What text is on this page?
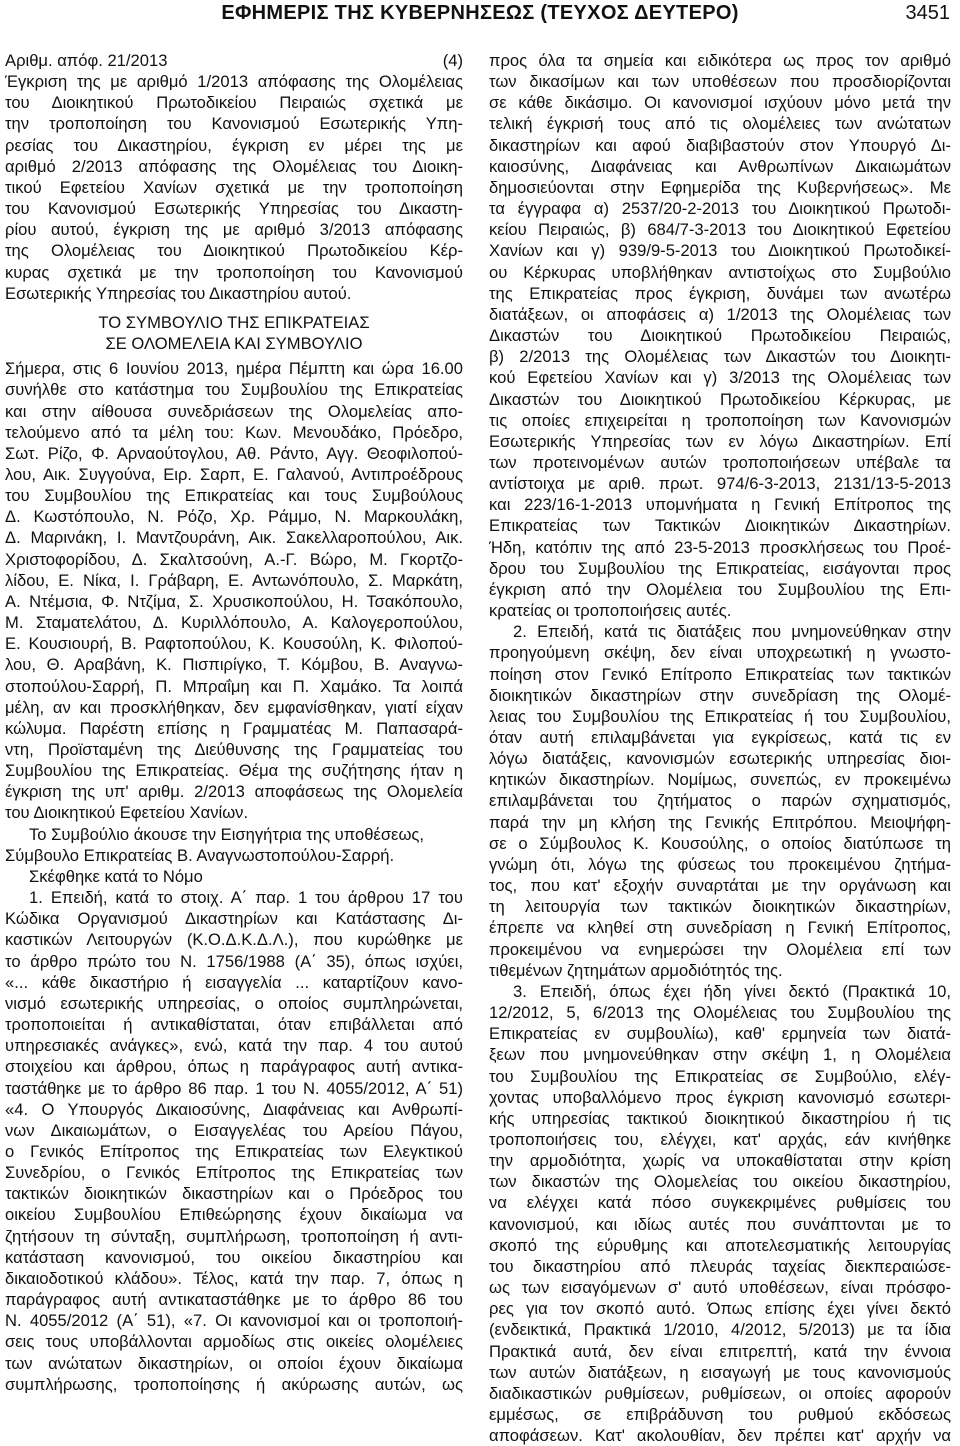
ΕΦΗΜΕΡΙΣ ΤΗΣ ΚΥΒΕΡΝΗΣΕΩΣ (ΤΕΥΧΟΣ ΔΕΥΤΕΡΟ)	3451
Αριθμ. απόφ. 21/2013	(4)
Έγκριση της με αριθμό 1/2013 απόφασης της Ολομέλειας
του Διοικητικού Πρωτοδικείου Πειραιώς σχετικά με
την τροποποίηση του Κανονισμού Εσωτερικής Υπη-
ρεσίας του Δικαστηρίου, έγκριση εν μέρει της με
αριθμό 2/2013 απόφασης της Ολομέλειας του Διοικη-
τικού Εφετείου Χανίων σχετικά με την τροποποίηση
του Κανονισμού Εσωτερικής Υπηρεσίας του Δικαστη-
ρίου αυτού, έγκριση της με αριθμό 3/2013 απόφασης
της Ολομέλειας του Διοικητικού Πρωτοδικείου Κέρ-
κυρας σχετικά με την τροποποίηση του Κανονισμού
Εσωτερικής Υπηρεσίας του Δικαστηρίου αυτού.
ΤΟ ΣΥΜΒΟΥΛΙΟ ΤΗΣ ΕΠΙΚΡΑΤΕΙΑΣ
ΣΕ ΟΛΟΜΕΛΕΙΑ ΚΑΙ ΣΥΜΒΟΥΛΙΟ
Σήμερα, στις 6 Ιουνίου 2013, ημέρα Πέμπτη και ώρα 16.00
συνήλθε στο κατάστημα του Συμβουλίου της Επικρατείας
και στην αίθουσα συνεδριάσεων της Ολομελείας απο-
τελούμενο από τα μέλη του: Κων. Μενουδάκο, Πρόεδρο,
Σωτ. Ρίζο, Φ. Αρναούτογλου, Αθ. Ράντο, Αγγ. Θεοφιλοπού-
λου, Αικ. Συγγούνα, Ειρ. Σαρπ, Ε. Γαλανού, Αντιπροέδρους
του Συμβουλίου της Επικρατείας και τους Συμβούλους
Δ. Κωστόπουλο, Ν. Ρόζο, Χρ. Ράμμο, Ν. Μαρκουλάκη,
Δ. Μαρινάκη, Ι. Μαντζουράνη, Αικ. Σακελλαροπούλου, Αικ.
Χριστοφορίδου, Δ. Σκαλτσούνη, Α.-Γ. Βώρο, Μ. Γκορτζο-
λίδου, Ε. Νίκα, Ι. Γράβαρη, Ε. Αντωνόπουλο, Σ. Μαρκάτη,
Α. Ντέμσια, Φ. Ντζίμα, Σ. Χρυσικοπούλου, Η. Τσακόπουλο,
Μ. Σταματελάτου, Δ. Κυριλλόπουλο, Α. Καλογεροπούλου,
Ε. Κουσιουρή, Β. Ραφτοπούλου, Κ. Κουσούλη, Κ. Φιλοπού-
λου, Θ. Αραβάνη, Κ. Πισπιρίγκο, Τ. Κόμβου, Β. Αναγνω-
στοπούλου-Σαρρή, Π. Μπραΐμη και Π. Χαμάκο. Τα λοιπά
μέλη, αν και προσκλήθηκαν, δεν εμφανίσθηκαν, γιατί είχαν
κώλυμα. Παρέστη επίσης η Γραμματέας Μ. Παπασαρά-
ντη, Προϊσταμένη της Διεύθυνσης της Γραμματείας του
Συμβουλίου της Επικρατείας. Θέμα της συζήτησης ήταν η
έγκριση της υπ' αριθμ. 2/2013 αποφάσεως της Ολομελεία
του Διοικητικού Εφετείου Χανίων.
Το Συμβούλιο άκουσε την Εισηγήτρια της υποθέσεως,
Σύμβουλο Επικρατείας Β. Αναγνωστοπούλου-Σαρρή.
Σκέφθηκε κατά το Νόμο
1. Επειδή, κατά το στοιχ. Α΄ παρ. 1 του άρθρου 17 του
Κώδικα Οργανισμού Δικαστηρίων και Κατάστασης Δι-
καστικών Λειτουργών (Κ.Ο.Δ.Κ.Δ.Λ.), που κυρώθηκε με
το άρθρο πρώτο του Ν. 1756/1988 (Α΄ 35), όπως ισχύει,
«... κάθε δικαστήριο ή εισαγγελία ... καταρτίζουν κανο-
νισμό εσωτερικής υπηρεσίας, ο οποίος συμπληρώνεται,
τροποποιείται ή αντικαθίσταται, όταν επιβάλλεται από
υπηρεσιακές ανάγκες», ενώ, κατά την παρ. 4 του αυτού
στοιχείου και άρθρου, όπως η παράγραφος αυτή αντικα-
ταστάθηκε με το άρθρο 86 παρ. 1 του Ν. 4055/2012, Α΄ 51)
«4. Ο Υπουργός Δικαιοσύνης, Διαφάνειας και Ανθρωπί-
νων Δικαιωμάτων, ο Εισαγγελέας του Αρείου Πάγου,
ο Γενικός Επίτροπος της Επικρατείας των Ελεγκτικού
Συνεδρίου, ο Γενικός Επίτροπος της Επικρατείας των
τακτικών διοικητικών δικαστηρίων και ο Πρόεδρος του
οικείου Συμβουλίου Επιθεώρησης έχουν δικαίωμα να
ζητήσουν τη σύνταξη, συμπλήρωση, τροποποίηση ή αντι-
κατάσταση κανονισμού, του οικείου δικαστηρίου και
δικαιοδοτικού κλάδου». Τέλος, κατά την παρ. 7, όπως η
παράγραφος αυτή αντικαταστάθηκε με το άρθρο 86 του
Ν. 4055/2012 (Α΄ 51), «7. Οι κανονισμοί και οι τροποποιή-
σεις τους υποβάλλονται αρμοδίως στις οικείες ολομέλειες
των ανώτατων δικαστηρίων, οι οποίοι έχουν δικαίωμα
συμπλήρωσης, τροποποίησης ή ακύρωσης αυτών, ως
προς όλα τα σημεία και ειδικότερα ως προς τον αριθμό
των δικασίμων και των υποθέσεων που προσδιορίζονται
σε κάθε δικάσιμο. Οι κανονισμοί ισχύουν μόνο μετά την
τελική έγκρισή τους από τις ολομέλειες των ανώτατων
δικαστηρίων και αφού διαβιβαστούν στον Υπουργό Δι-
καιοσύνης, Διαφάνειας και Ανθρωπίνων Δικαιωμάτων
δημοσιεύονται στην Εφημερίδα της Κυβερνήσεως». Με
τα έγγραφα α) 2537/20-2-2013 του Διοικητικού Πρωτοδι-
κείου Πειραιώς, β) 684/7-3-2013 του Διοικητικού Εφετείου
Χανίων και γ) 939/9-5-2013 του Διοικητικού Πρωτοδικεί-
ου Κέρκυρας υποβλήθηκαν αντιστοίχως στο Συμβούλιο
της Επικρατείας προς έγκριση, δυνάμει των ανωτέρω
διατάξεων, οι αποφάσεις α) 1/2013 της Ολομέλειας των
Δικαστών του Διοικητικού Πρωτοδικείου Πειραιώς,
β) 2/2013 της Ολομέλειας των Δικαστών του Διοικητι-
κού Εφετείου Χανίων και γ) 3/2013 της Ολομέλειας των
Δικαστών του Διοικητικού Πρωτοδικείου Κέρκυρας, με
τις οποίες επιχειρείται η τροποποίηση των Κανονισμών
Εσωτερικής Υπηρεσίας των εν λόγω Δικαστηρίων. Επί
των προτεινομένων αυτών τροποποιήσεων υπέβαλε τα
αντίστοιχα με αριθ. πρωτ. 974/6-3-2013, 2131/13-5-2013
και 223/16-1-2013 υπομνήματα η Γενική Επίτροπος της
Επικρατείας των Τακτικών Διοικητικών Δικαστηρίων.
Ήδη, κατόπιν της από 23-5-2013 προσκλήσεως του Προέ-
δρου του Συμβουλίου της Επικρατείας, εισάγονται προς
έγκριση από την Ολομέλεια του Συμβουλίου της Επι-
κρατείας οι τροποποιήσεις αυτές.
2. Επειδή, κατά τις διατάξεις που μνημονεύθηκαν στην
προηγούμενη σκέψη, δεν είναι υποχρεωτική η γνωστο-
ποίηση στον Γενικό Επίτροπο Επικρατείας των τακτικών
διοικητικών δικαστηρίων στην συνεδρίαση της Ολομέ-
λειας του Συμβουλίου της Επικρατείας ή του Συμβουλίου,
όταν αυτή επιλαμβάνεται για εγκρίσεως, κατά τις εν
λόγω διατάξεις, κανονισμών εσωτερικής υπηρεσίας διοι-
κητικών δικαστηρίων. Νομίμως, συνεπώς, εν προκειμένω
επιλαμβάνεται του ζητήματος ο παρών σχηματισμός,
παρά την μη κλήση της Γενικής Επιτρόπου. Μειοψήφη-
σε ο Σύμβουλος Κ. Κουσούλης, ο οποίος διατύπωσε τη
γνώμη ότι, λόγω της φύσεως του προκειμένου ζητήμα-
τος, που κατ' εξοχήν συναρτάται με την οργάνωση και
τη λειτουργία των τακτικών διοικητικών δικαστηρίων,
έπρεπε να κληθεί στη συνεδρίαση η Γενική Επίτροπος,
προκειμένου να ενημερώσει την Ολομέλεια επί των
τιθεμένων ζητημάτων αρμοδιότητός της.
3. Επειδή, όπως έχει ήδη γίνει δεκτό (Πρακτικά 10,
12/2012, 5, 6/2013 της Ολομέλειας του Συμβουλίου της
Επικρατείας εν συμβουλίω), καθ' ερμηνεία των διατά-
ξεων που μνημονεύθηκαν στην σκέψη 1, η Ολομέλεια
του Συμβουλίου της Επικρατείας σε Συμβούλιο, ελέγ-
χοντας υποβαλλόμενο προς έγκριση κανονισμό εσωτερι-
κής υπηρεσίας τακτικού διοικητικού δικαστηρίου ή τις
τροποποιήσεις του, ελέγχει, κατ' αρχάς, εάν κινήθηκε
την αρμοδιότητα, χωρίς να υποκαθίσταται στην κρίση
των δικαστών της Ολομελείας του οικείου δικαστηρίου,
να ελέγχει κατά πόσο συγκεκριμένες ρυθμίσεις του
κανονισμού, και ιδίως αυτές που συνάπτονται με το
σκοπό της εύρυθμης και αποτελεσματικής λειτουργίας
του δικαστηρίου από πλευράς ταχείας διεκπεραιώσε-
ως των εισαγόμενων σ' αυτό υποθέσεων, είναι πρόσφο-
ρες για τον σκοπό αυτό. Όπως επίσης έχει γίνει δεκτό
(ενδεικτικά, Πρακτικά 1/2010, 4/2012, 5/2013) με τα ίδια
Πρακτικά αυτά, δεν είναι επιτρεπτή, κατά την έννοια
των αυτών διατάξεων, η εισαγωγή με τους κανονισμούς
διαδικαστικών ρυθμίσεων, ρυθμίσεων, οι οποίες αφορούν
εμμέσως, σε επιβράδυνση του ρυθμού εκδόσεως
αποφάσεων. Κατ' ακολουθίαν, δεν πρέπει κατ' αρχήν να
